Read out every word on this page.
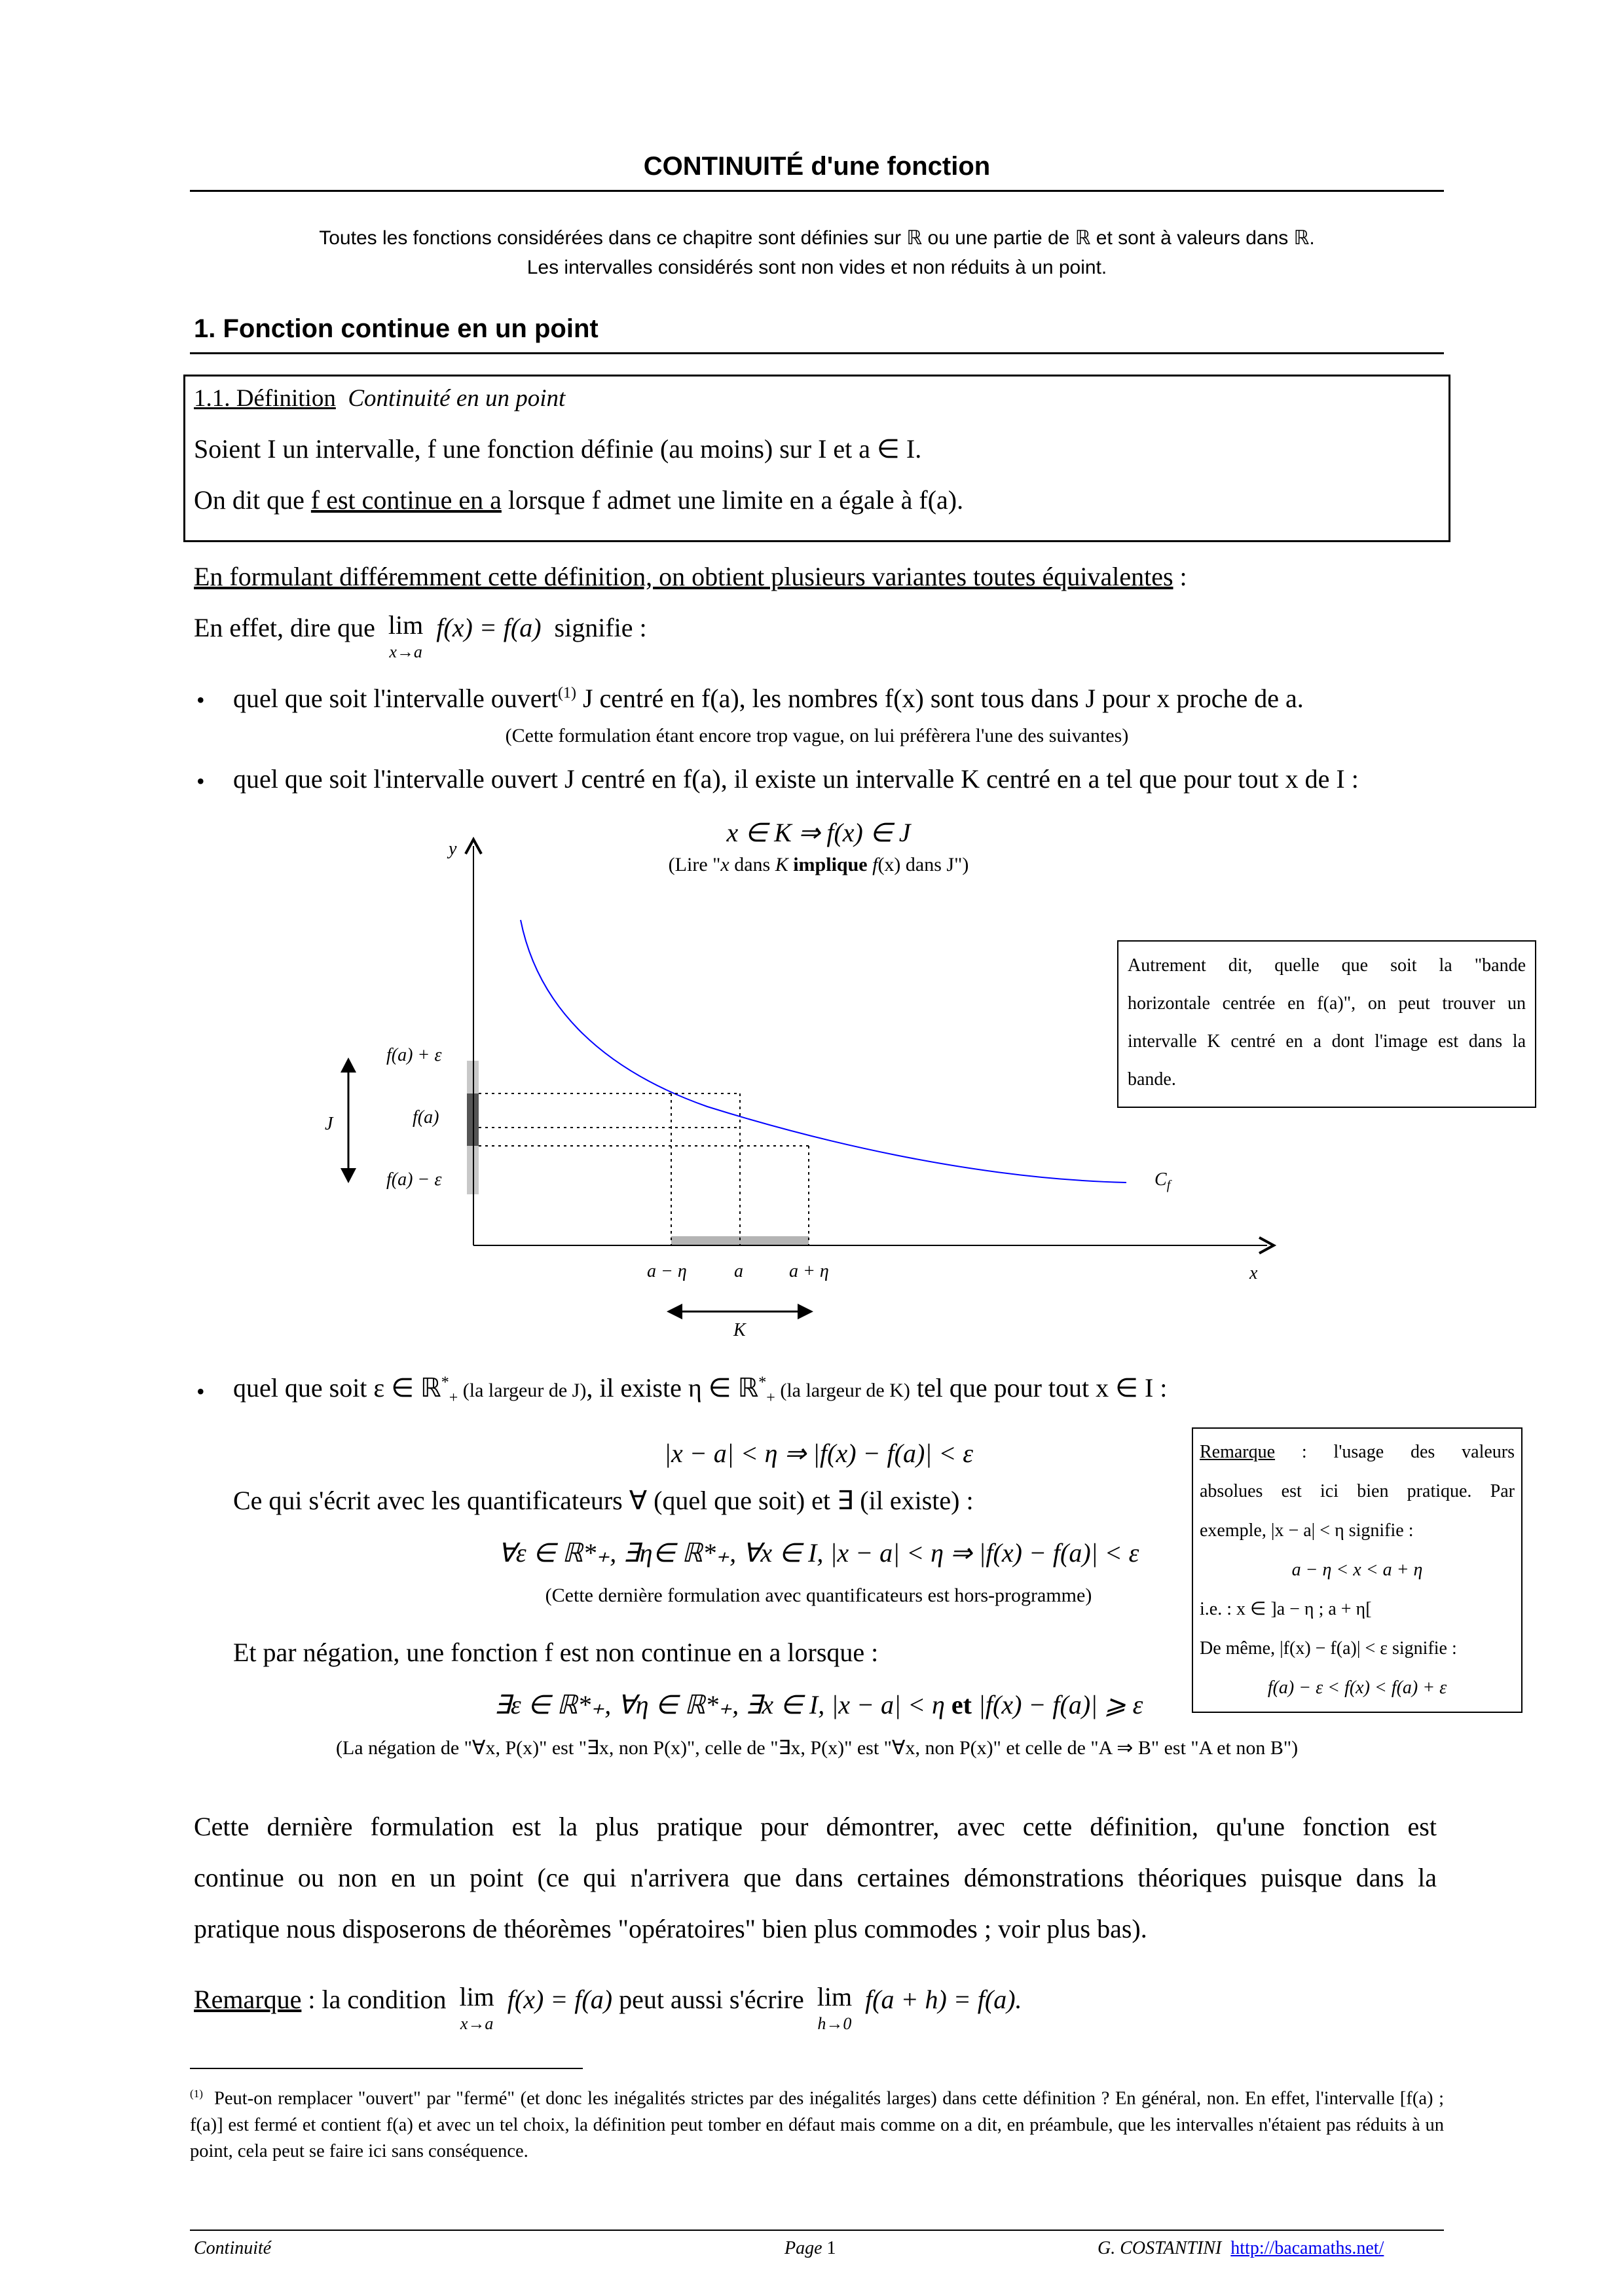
CONTINUITÉ d'une fonction
Toutes les fonctions considérées dans ce chapitre sont définies sur ℝ ou une partie de ℝ et sont à valeurs dans ℝ.
Les intervalles considérés sont non vides et non réduits à un point.
1. Fonction continue en un point
1.1. Définition Continuité en un point
Soient I un intervalle, f une fonction définie (au moins) sur I et a ∈ I.
On dit que f est continue en a lorsque f admet une limite en a égale à f(a).
En formulant différemment cette définition, on obtient plusieurs variantes toutes équivalentes :
En effet, dire que lim
x→a
f(x) = f(a) signifie :
• quel que soit l'intervalle ouvert$^{(1)}$ J centré en f(a), les nombres f(x) sont tous dans J pour x proche de a.
(Cette formulation étant encore trop vague, on lui préfèrera l'une des suivantes)
• quel que soit l'intervalle ouvert J centré en f(a), il existe un intervalle K centré en a tel que pour tout x de I :
x ∈ K ⇒ f(x) ∈ J
(Lire "x dans K implique f(x) dans J")
y
x
f(a) + ε
f(a)
f(a) − ε
J
K
a − η	a	a + η
$C_f$
Autrement dit, quelle que soit la "bande
horizontale centrée en f(a)", on peut trouver un
intervalle K centré en a dont l'image est dans la
bande.
• quel que soit ε ∈ ℝ*$_+$ (la largeur de J), il existe η ∈ ℝ*$_+$ (la largeur de K) tel que pour tout x ∈ I :
|x − a| < η ⇒ |f(x) − f(a)| < ε
Ce qui s'écrit avec les quantificateurs ∀ (quel que soit) et ∃ (il existe) :
∀ε ∈ ℝ*₊, ∃η∈ ℝ*₊, ∀x ∈ I, |x − a| < η ⇒ |f(x) − f(a)| < ε
(Cette dernière formulation avec quantificateurs est hors-programme)
Et par négation, une fonction f est non continue en a lorsque :
∃ε ∈ ℝ*₊, ∀η ∈ ℝ*₊, ∃x ∈ I, |x − a| < η et |f(x) − f(a)| ⩾ ε
(La négation de "∀x, P(x)" est "∃x, non P(x)", celle de "∃x, P(x)" est "∀x, non P(x)" et celle de "A ⇒ B" est "A et non B")
Remarque : l'usage des valeurs
absolues est ici bien pratique. Par
exemple, |x − a| < η signifie :
a − η < x < a + η
i.e. : x ∈ ]a − η ; a + η[
De même, |f(x) − f(a)| < ε signifie :
f(a) − ε < f(x) < f(a) + ε
Cette dernière formulation est la plus pratique pour démontrer, avec cette définition, qu'une fonction est
continue ou non en un point (ce qui n'arrivera que dans certaines démonstrations théoriques puisque dans la
pratique nous disposerons de théorèmes "opératoires" bien plus commodes ; voir plus bas).
Remarque : la condition lim
x→a
f(x) = f(a) peut aussi s'écrire lim
h→0
f(a + h) = f(a).
$^{(1)}$ Peut-on remplacer "ouvert" par "fermé" (et donc les inégalités strictes par des inégalités larges) dans cette définition ? En général, non. En effet, l'intervalle [f(a) ; f(a)] est fermé et contient f(a) et avec un tel choix, la définition peut tomber en défaut mais comme on a dit, en préambule, que les intervalles n'étaient pas réduits à un point, cela peut se faire ici sans conséquence.
Continuité	Page 1	G. COSTANTINI http://bacamaths.net/
